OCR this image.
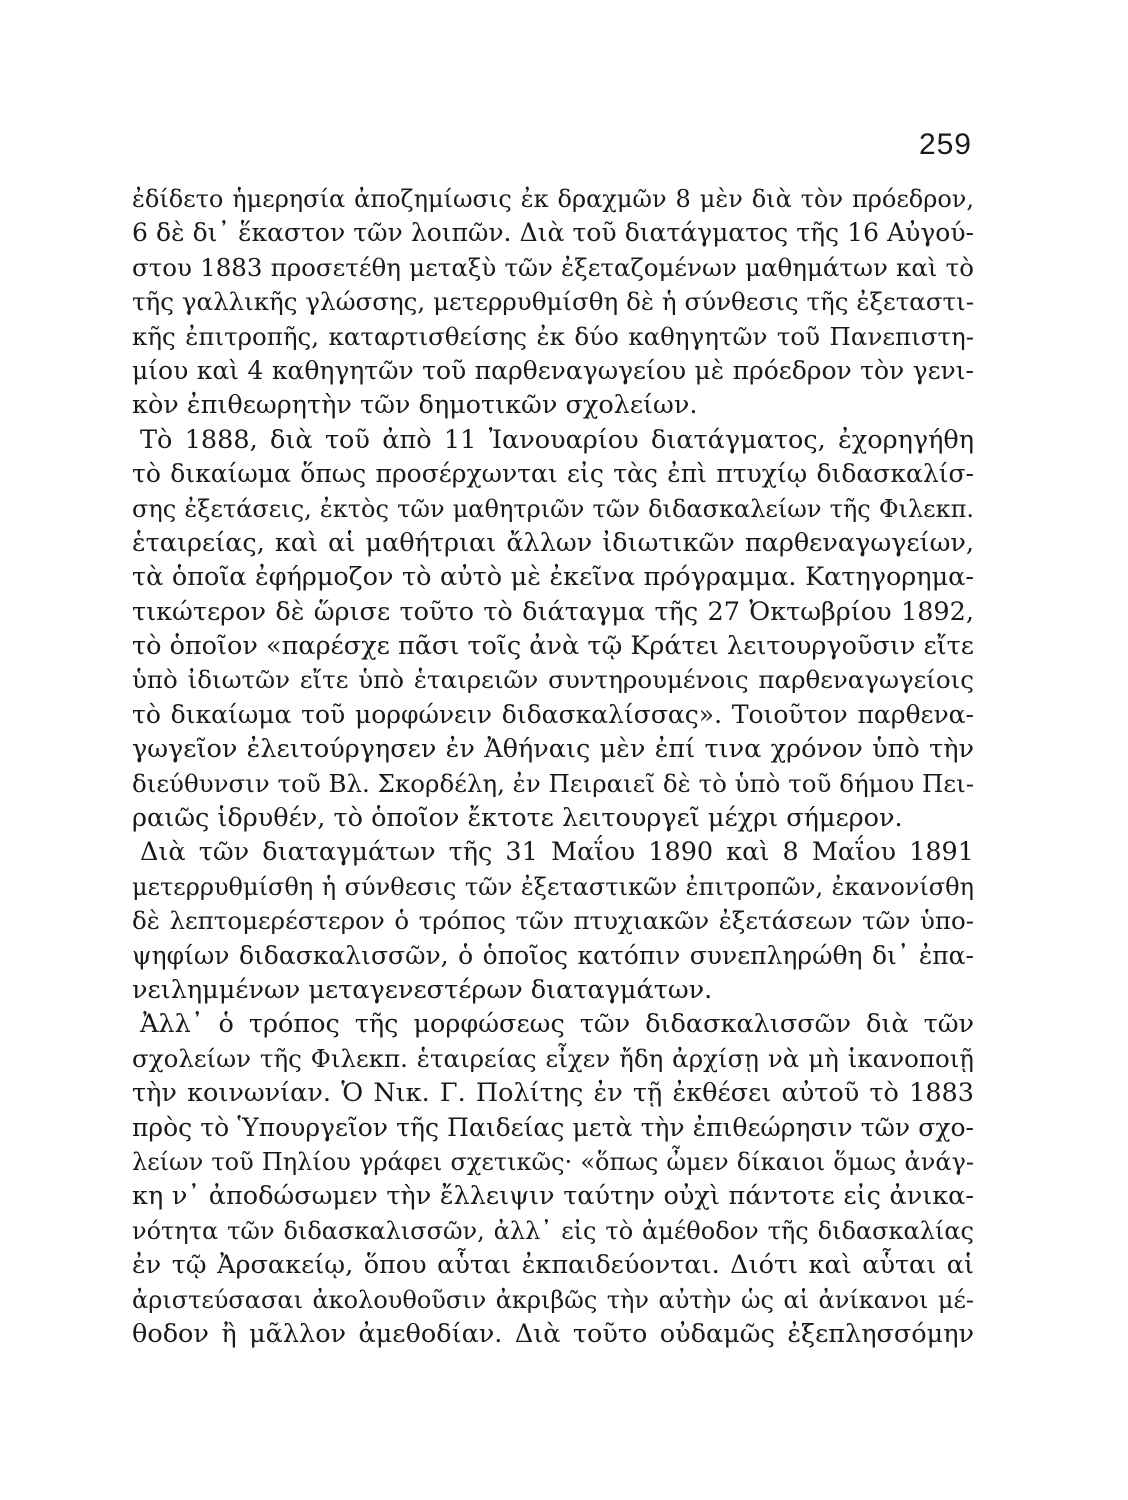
259
ἐδίδετο ἡμερησία ἀποζημίωσις ἐκ δραχμῶν 8 μὲν διὰ τὸν πρόεδρον,
6 δὲ δι᾽ ἕκαστον τῶν λοιπῶν. Διὰ τοῦ διατάγματος τῆς 16 Αὐγού-
στου 1883 προσετέθη μεταξὺ τῶν ἐξεταζομένων μαθημάτων καὶ τὸ
τῆς γαλλικῆς γλώσσης, μετερρυθμίσθη δὲ ἡ σύνθεσις τῆς ἐξεταστι-
κῆς ἐπιτροπῆς, καταρτισθείσης ἐκ δύο καθηγητῶν τοῦ Πανεπιστη-
μίου καὶ 4 καθηγητῶν τοῦ παρθεναγωγείου μὲ πρόεδρον τὸν γενι-
κὸν ἐπιθεωρητὴν τῶν δημοτικῶν σχολείων.
Τὸ 1888, διὰ τοῦ ἀπὸ 11 Ἰανουαρίου διατάγματος, ἐχορηγήθη
τὸ δικαίωμα ὅπως προσέρχωνται εἰς τὰς ἐπὶ πτυχίῳ διδασκαλίσ-
σης ἐξετάσεις, ἐκτὸς τῶν μαθητριῶν τῶν διδασκαλείων τῆς Φιλεκπ.
ἑταιρείας, καὶ αἱ μαθήτριαι ἄλλων ἰδιωτικῶν παρθεναγωγείων,
τὰ ὁποῖα ἐφήρμοζον τὸ αὐτὸ μὲ ἐκεῖνα πρόγραμμα. Κατηγορημα-
τικώτερον δὲ ὥρισε τοῦτο τὸ διάταγμα τῆς 27 Ὀκτωβρίου 1892,
τὸ ὁποῖον «παρέσχε πᾶσι τοῖς ἀνὰ τῷ Κράτει λειτουργοῦσιν εἴτε
ὑπὸ ἰδιωτῶν εἴτε ὑπὸ ἑταιρειῶν συντηρουμένοις παρθεναγωγείοις
τὸ δικαίωμα τοῦ μορφώνειν διδασκαλίσσας». Τοιοῦτον παρθενα-
γωγεῖον ἐλειτούργησεν ἐν Ἀθήναις μὲν ἐπί τινα χρόνον ὑπὸ τὴν
διεύθυνσιν τοῦ Βλ. Σκορδέλη, ἐν Πειραιεῖ δὲ τὸ ὑπὸ τοῦ δήμου Πει-
ραιῶς ἱδρυθέν, τὸ ὁποῖον ἔκτοτε λειτουργεῖ μέχρι σήμερον.
Διὰ τῶν διαταγμάτων τῆς 31 Μαΐου 1890 καὶ 8 Μαΐου 1891
μετερρυθμίσθη ἡ σύνθεσις τῶν ἐξεταστικῶν ἐπιτροπῶν, ἐκανονίσθη
δὲ λεπτομερέστερον ὁ τρόπος τῶν πτυχιακῶν ἐξετάσεων τῶν ὑπο-
ψηφίων διδασκαλισσῶν, ὁ ὁποῖος κατόπιν συνεπληρώθη δι᾽ ἐπα-
νειλημμένων μεταγενεστέρων διαταγμάτων.
Ἀλλ᾽ ὁ τρόπος τῆς μορφώσεως τῶν διδασκαλισσῶν διὰ τῶν
σχολείων τῆς Φιλεκπ. ἑταιρείας εἶχεν ἤδη ἀρχίσῃ νὰ μὴ ἱκανοποιῇ
τὴν κοινωνίαν. Ὁ Νικ. Γ. Πολίτης ἐν τῇ ἐκθέσει αὐτοῦ τὸ 1883
πρὸς τὸ Ὑπουργεῖον τῆς Παιδείας μετὰ τὴν ἐπιθεώρησιν τῶν σχο-
λείων τοῦ Πηλίου γράφει σχετικῶς· «ὅπως ὦμεν δίκαιοι ὅμως ἀνάγ-
κη ν᾽ ἀποδώσωμεν τὴν ἔλλειψιν ταύτην οὐχὶ πάντοτε εἰς ἀνικα-
νότητα τῶν διδασκαλισσῶν, ἀλλ᾽ εἰς τὸ ἀμέθοδον τῆς διδασκαλίας
ἐν τῷ Ἀρσακείῳ, ὅπου αὗται ἐκπαιδεύονται. Διότι καὶ αὗται αἱ
ἀριστεύσασαι ἀκολουθοῦσιν ἀκριβῶς τὴν αὐτὴν ὡς αἱ ἀνίκανοι μέ-
θοδον ἢ μᾶλλον ἀμεθοδίαν. Διὰ τοῦτο οὐδαμῶς ἐξεπλησσόμην
